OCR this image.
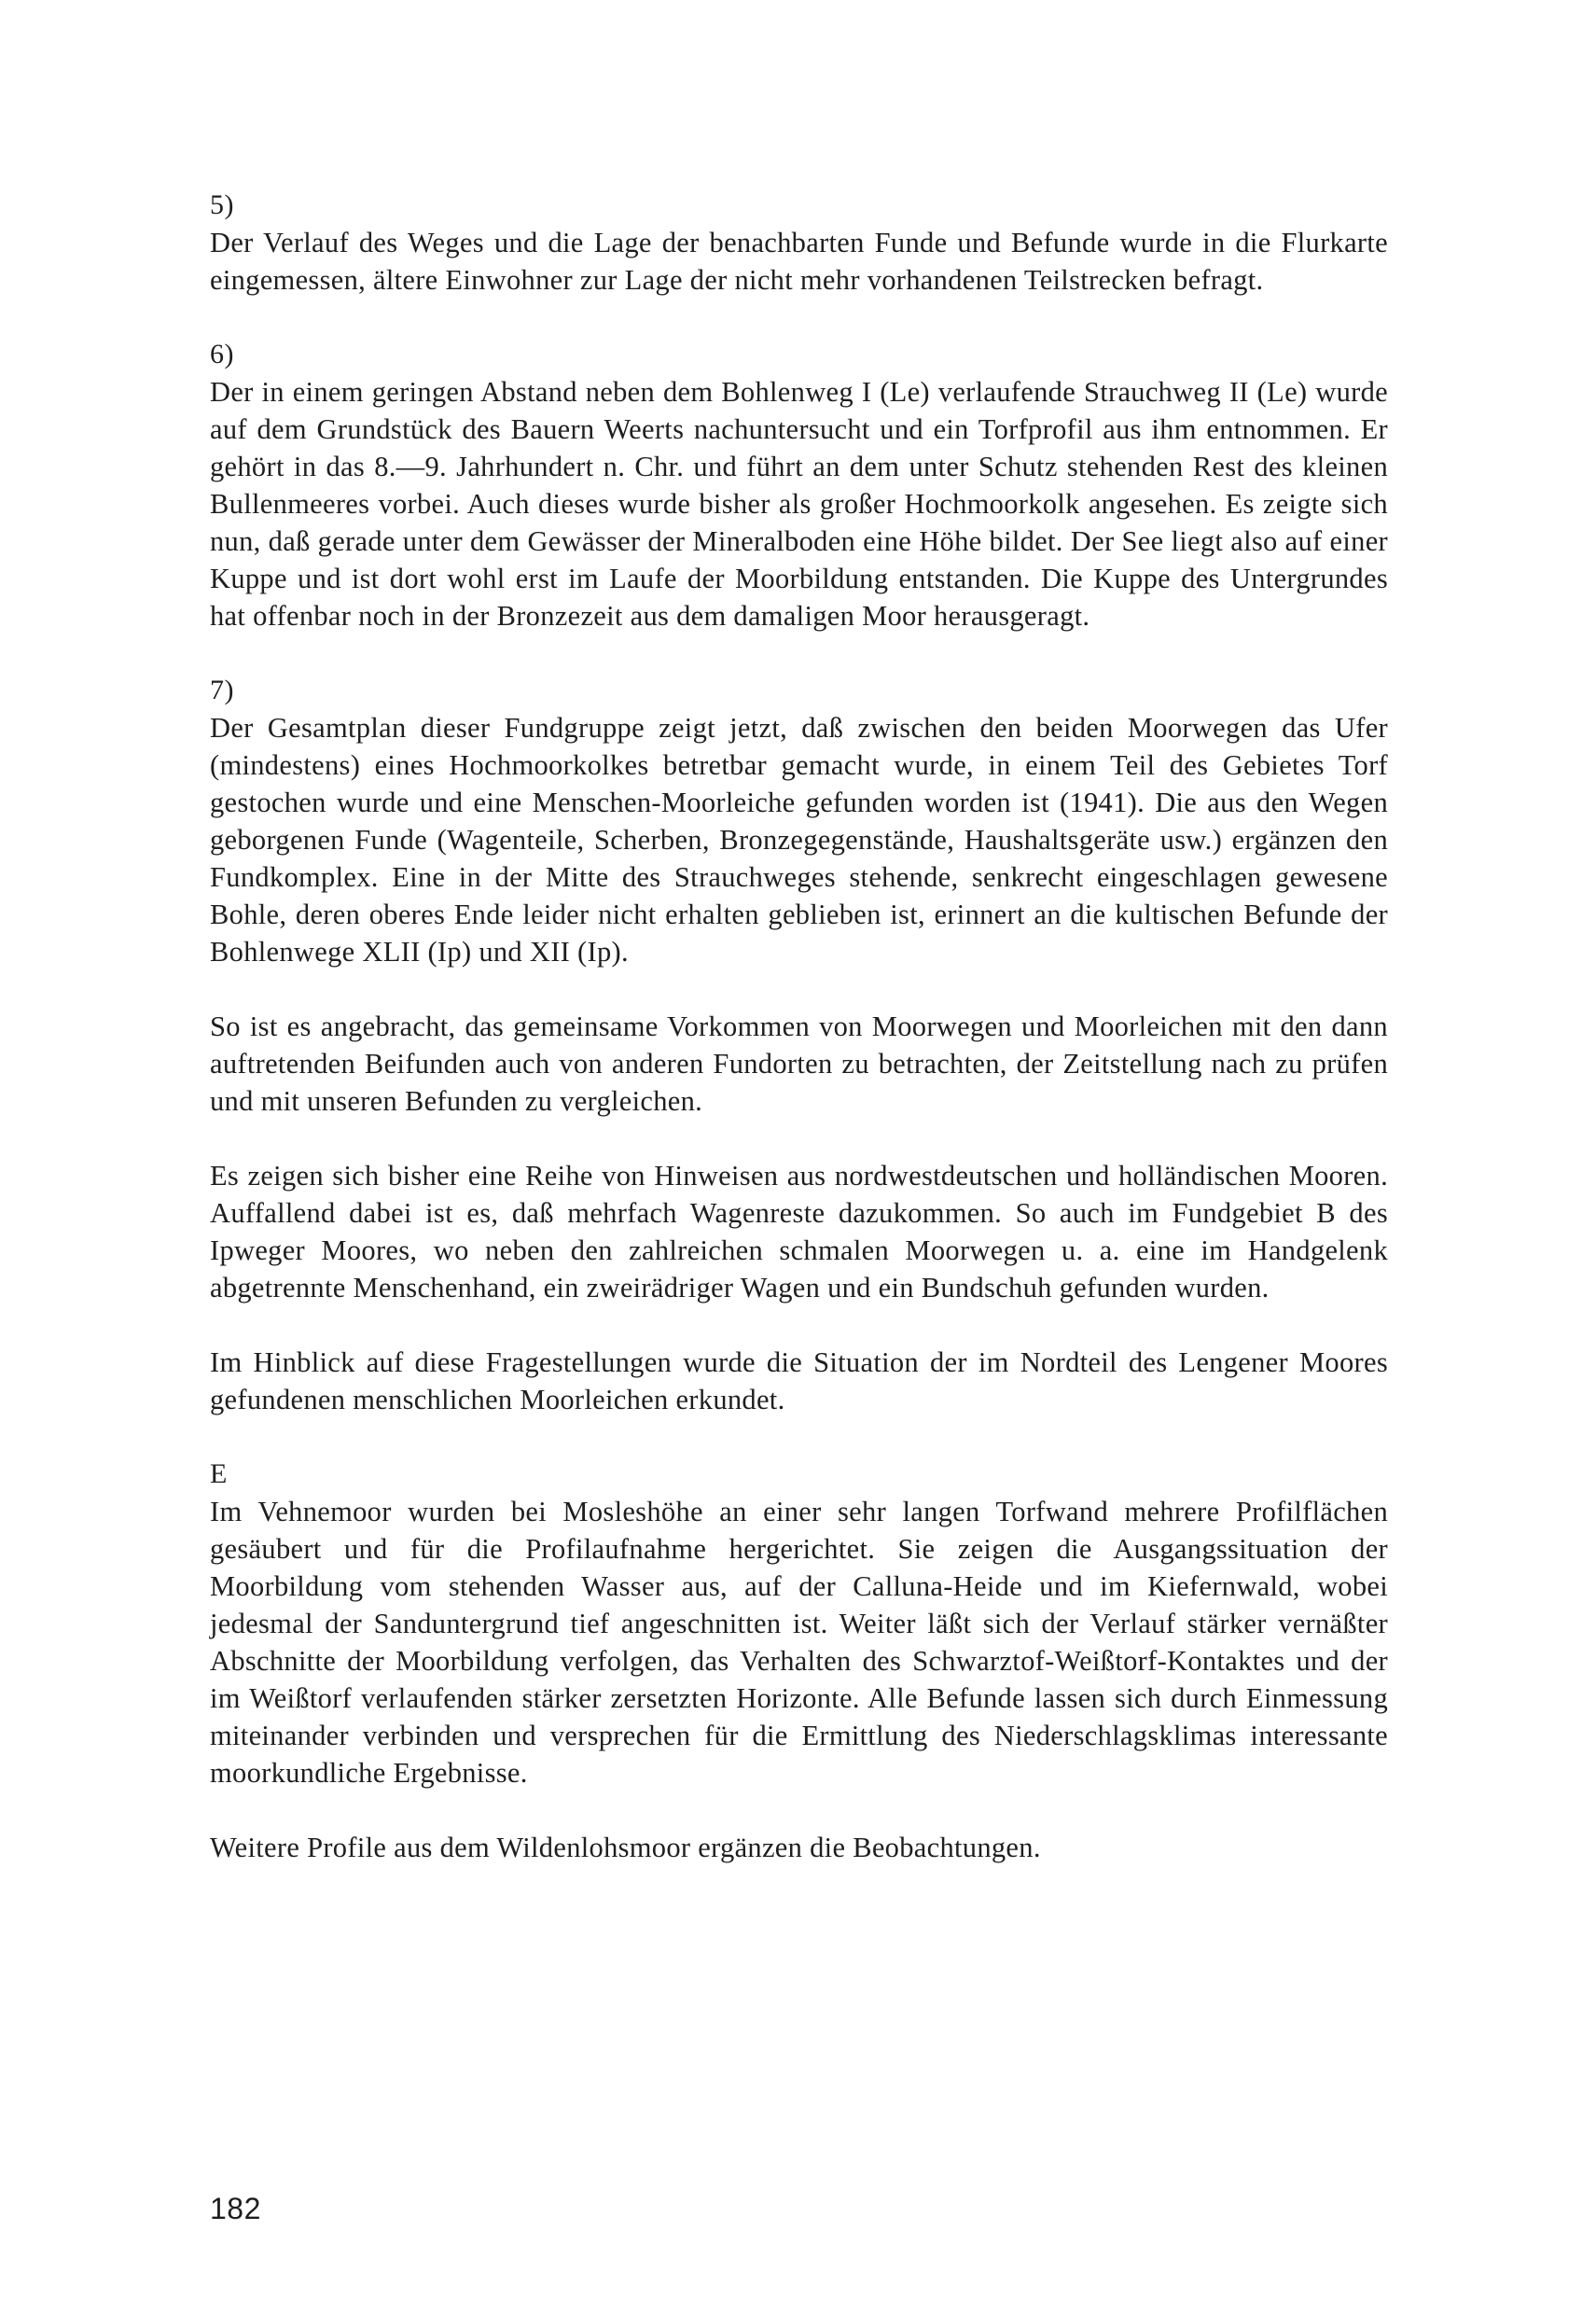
5)

Der Verlauf des Weges und die Lage der benachbarten Funde und Befunde wurde in die Flurkarte eingemessen, ältere Einwohner zur Lage der nicht mehr vorhandenen Teilstrecken befragt.

6)

Der in einem geringen Abstand neben dem Bohlenweg I (Le) verlaufende Strauchweg II (Le) wurde auf dem Grundstück des Bauern Weerts nachuntersucht und ein Torfprofil aus ihm entnommen. Er gehört in das 8.—9. Jahrhundert n. Chr. und führt an dem unter Schutz stehenden Rest des kleinen Bullenmeeres vorbei. Auch dieses wurde bisher als großer Hochmoorkolk angesehen. Es zeigte sich nun, daß gerade unter dem Gewässer der Mineralboden eine Höhe bildet. Der See liegt also auf einer Kuppe und ist dort wohl erst im Laufe der Moorbildung entstanden. Die Kuppe des Untergrundes hat offenbar noch in der Bronzezeit aus dem damaligen Moor herausgeragt.

7)

Der Gesamtplan dieser Fundgruppe zeigt jetzt, daß zwischen den beiden Moorwegen das Ufer (mindestens) eines Hochmoorkolkes betretbar gemacht wurde, in einem Teil des Gebietes Torf gestochen wurde und eine Menschen-Moorleiche gefunden worden ist (1941). Die aus den Wegen geborgenen Funde (Wagenteile, Scherben, Bronzegegenstände, Haushaltsgeräte usw.) ergänzen den Fundkomplex. Eine in der Mitte des Strauchweges stehende, senkrecht eingeschlagen gewesene Bohle, deren oberes Ende leider nicht erhalten geblieben ist, erinnert an die kultischen Befunde der Bohlenwege XLII (Ip) und XII (Ip).

So ist es angebracht, das gemeinsame Vorkommen von Moorwegen und Moorleichen mit den dann auftretenden Beifunden auch von anderen Fundorten zu betrachten, der Zeitstellung nach zu prüfen und mit unseren Befunden zu vergleichen.

Es zeigen sich bisher eine Reihe von Hinweisen aus nordwestdeutschen und holländischen Mooren. Auffallend dabei ist es, daß mehrfach Wagenreste dazukommen. So auch im Fundgebiet B des Ipweger Moores, wo neben den zahlreichen schmalen Moorwegen u. a. eine im Handgelenk abgetrennte Menschenhand, ein zweirädriger Wagen und ein Bundschuh gefunden wurden.

Im Hinblick auf diese Fragestellungen wurde die Situation der im Nordteil des Lengener Moores gefundenen menschlichen Moorleichen erkundet.

E

Im Vehnemoor wurden bei Mosleshöhe an einer sehr langen Torfwand mehrere Profilflächen gesäubert und für die Profilaufnahme hergerichtet. Sie zeigen die Ausgangssituation der Moorbildung vom stehenden Wasser aus, auf der Calluna-Heide und im Kiefernwald, wobei jedesmal der Sanduntergrund tief angeschnitten ist. Weiter läßt sich der Verlauf stärker vernäßter Abschnitte der Moorbildung verfolgen, das Verhalten des Schwarztof-Weißtorf-Kontaktes und der im Weißtorf verlaufenden stärker zersetzten Horizonte. Alle Befunde lassen sich durch Einmessung miteinander verbinden und versprechen für die Ermittlung des Niederschlagsklimas interessante moorkundliche Ergebnisse.

Weitere Profile aus dem Wildenlohsmoor ergänzen die Beobachtungen.

182
